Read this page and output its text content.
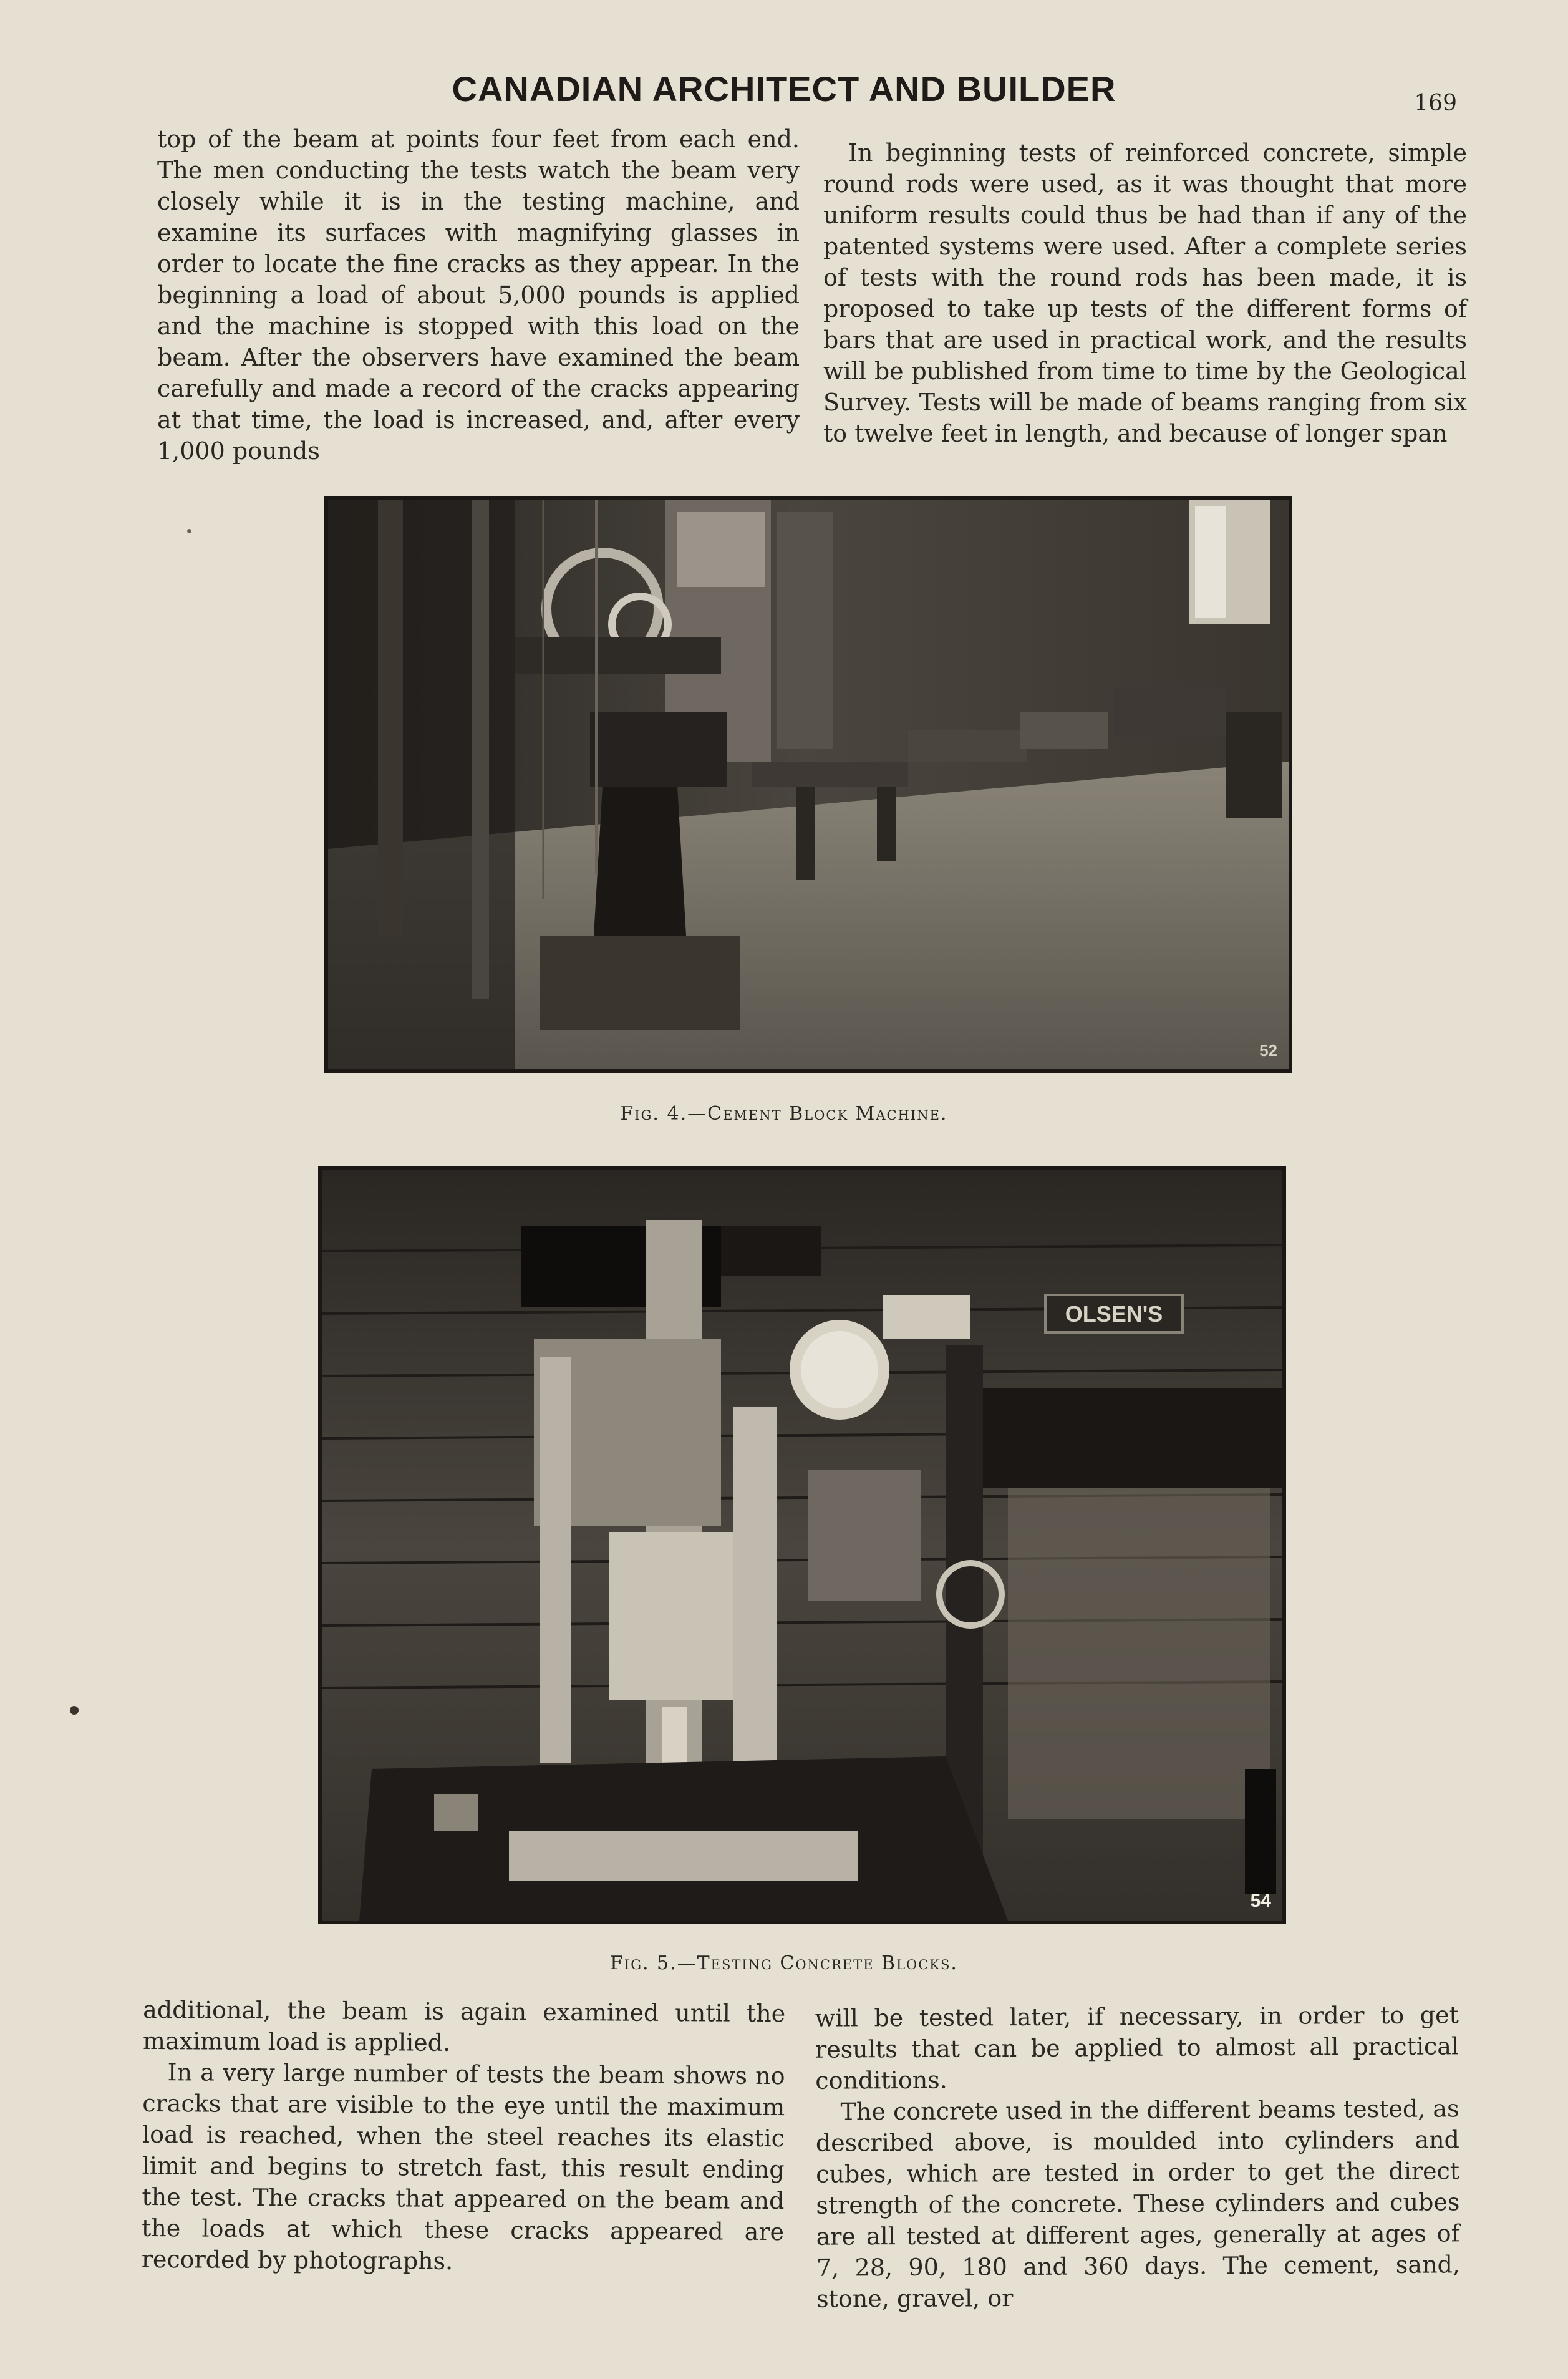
CANADIAN ARCHITECT AND BUILDER	169

top of the beam at points four feet from each end. The men conducting the tests watch the beam very closely while it is in the testing machine, and examine its surfaces with magnifying glasses in order to locate the fine cracks as they appear. In the beginning a load of about 5,000 pounds is applied and the machine is stopped with this load on the beam. After the observers have examined the beam carefully and made a record of the cracks appearing at that time, the load is increased, and, after every 1,000 pounds

In beginning tests of reinforced concrete, simple round rods were used, as it was thought that more uniform results could thus be had than if any of the patented systems were used. After a complete series of tests with the round rods has been made, it is proposed to take up tests of the different forms of bars that are used in practical work, and the results will be published from time to time by the Geological Survey. Tests will be made of beams ranging from six to twelve feet in length, and because of longer span

52
Fig. 4.—Cement Block Machine.
OLSEN'S
54
Fig. 5.—Testing Concrete Blocks.

additional, the beam is again examined until the maximum load is applied.

In a very large number of tests the beam shows no cracks that are visible to the eye until the maximum load is reached, when the steel reaches its elastic limit and begins to stretch fast, this result ending the test. The cracks that appeared on the beam and the loads at which these cracks appeared are recorded by photographs.

will be tested later, if necessary, in order to get results that can be applied to almost all practical conditions.

The concrete used in the different beams tested, as described above, is moulded into cylinders and cubes, which are tested in order to get the direct strength of the concrete. These cylinders and cubes are all tested at different ages, generally at ages of 7, 28, 90, 180 and 360 days. The cement, sand, stone, gravel, or
